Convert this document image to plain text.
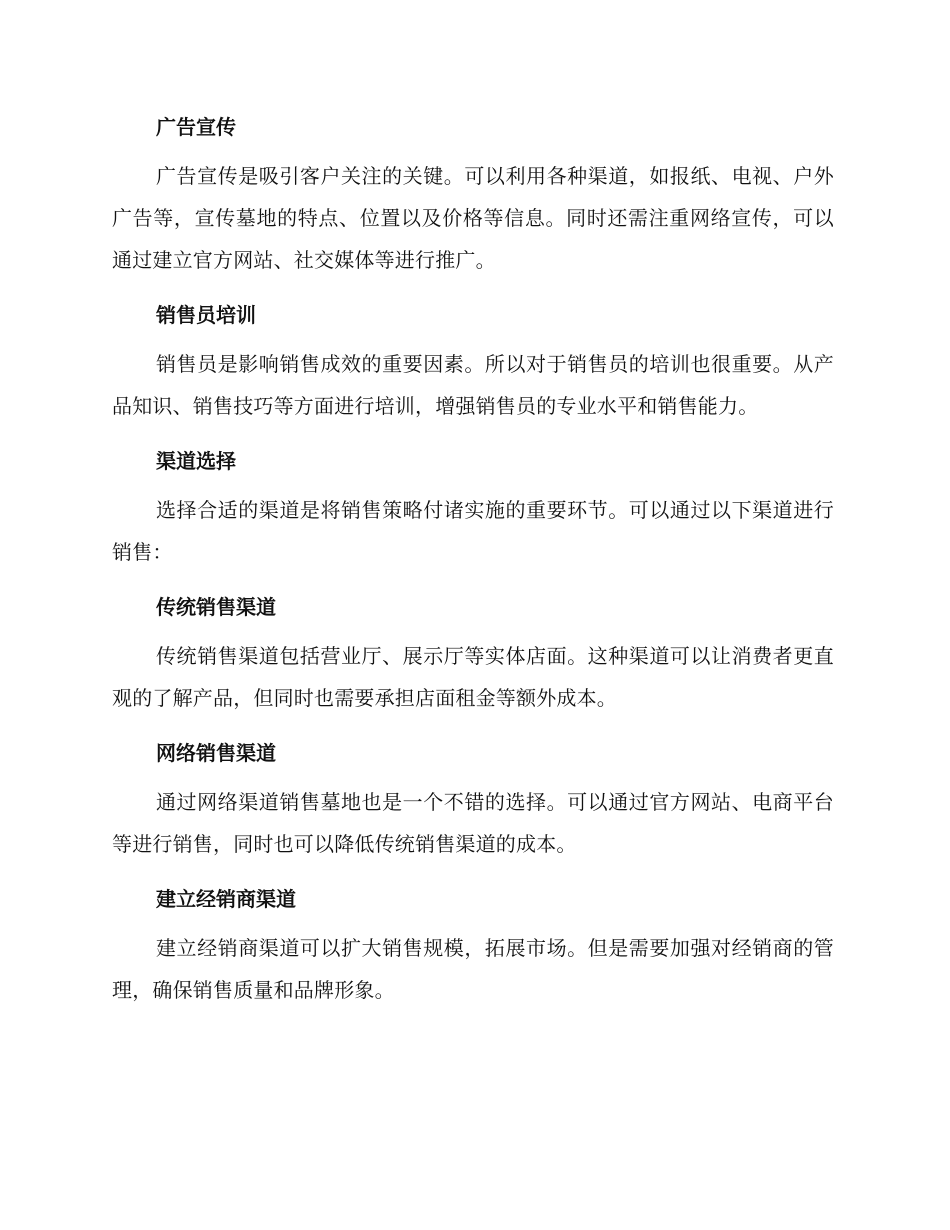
广告宣传

广告宣传是吸引客户关注的关键。可以利用各种渠道，如报纸、电视、户外广告等，宣传墓地的特点、位置以及价格等信息。同时还需注重网络宣传，可以通过建立官方网站、社交媒体等进行推广。

销售员培训

销售员是影响销售成效的重要因素。所以对于销售员的培训也很重要。从产品知识、销售技巧等方面进行培训，增强销售员的专业水平和销售能力。

渠道选择

选择合适的渠道是将销售策略付诸实施的重要环节。可以通过以下渠道进行销售：

传统销售渠道

传统销售渠道包括营业厅、展示厅等实体店面。这种渠道可以让消费者更直观的了解产品，但同时也需要承担店面租金等额外成本。

网络销售渠道

通过网络渠道销售墓地也是一个不错的选择。可以通过官方网站、电商平台等进行销售，同时也可以降低传统销售渠道的成本。

建立经销商渠道

建立经销商渠道可以扩大销售规模，拓展市场。但是需要加强对经销商的管理，确保销售质量和品牌形象。
